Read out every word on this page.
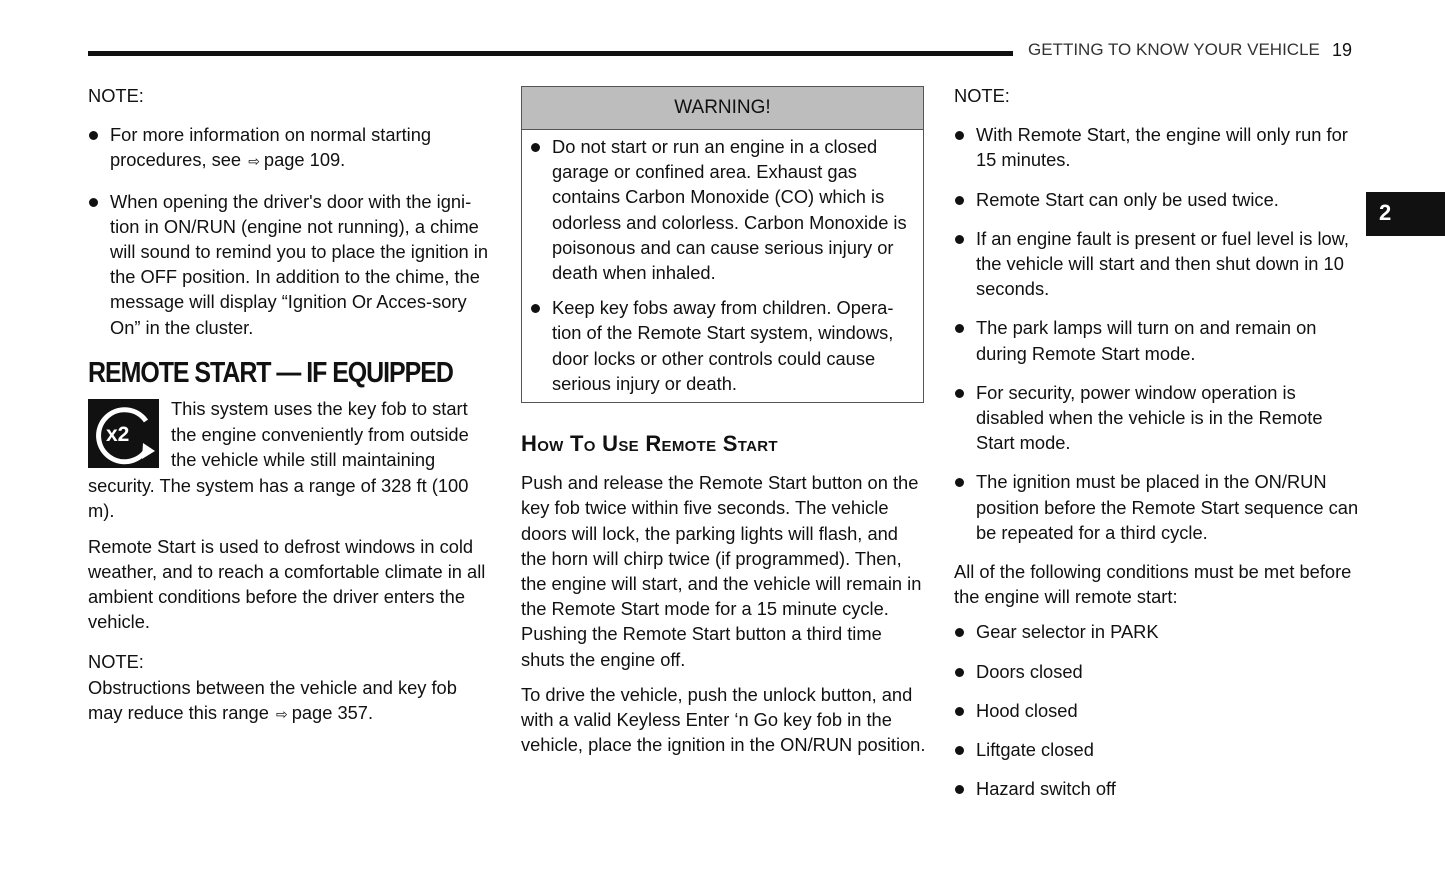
GETTING TO KNOW YOUR VEHICLE 19
2

NOTE:

For more information on normal starting procedures, see ⇨ page 109.
When opening the driver's door with the igni-tion in ON/RUN (engine not running), a chime will sound to remind you to place the ignition in the OFF position. In addition to the chime, the message will display “Ignition Or Acces-sory On” in the cluster.
REMOTE START — IF EQUIPPED
x2

This system uses the key fob to start the engine conveniently from outside the vehicle while still maintaining security. The system has a range of 328 ft (100 m).

Remote Start is used to defrost windows in cold weather, and to reach a comfortable climate in all ambient conditions before the driver enters the vehicle.

NOTE:

Obstructions between the vehicle and key fob may reduce this range ⇨ page 357.

WARNING!
Do not start or run an engine in a closed garage or confined area. Exhaust gas contains Carbon Monoxide (CO) which is odorless and colorless. Carbon Monoxide is poisonous and can cause serious injury or death when inhaled.
Keep key fobs away from children. Opera-tion of the Remote Start system, windows, door locks or other controls could cause serious injury or death.
How To Use Remote Start

Push and release the Remote Start button on the key fob twice within five seconds. The vehicle doors will lock, the parking lights will flash, and the horn will chirp twice (if programmed). Then, the engine will start, and the vehicle will remain in the Remote Start mode for a 15 minute cycle. Pushing the Remote Start button a third time shuts the engine off.

To drive the vehicle, push the unlock button, and with a valid Keyless Enter ‘n Go key fob in the vehicle, place the ignition in the ON/RUN position.

NOTE:

With Remote Start, the engine will only run for 15 minutes.
Remote Start can only be used twice.
If an engine fault is present or fuel level is low, the vehicle will start and then shut down in 10 seconds.
The park lamps will turn on and remain on during Remote Start mode.
For security, power window operation is disabled when the vehicle is in the Remote Start mode.
The ignition must be placed in the ON/RUN position before the Remote Start sequence can be repeated for a third cycle.

All of the following conditions must be met before the engine will remote start:

Gear selector in PARK
Doors closed
Hood closed
Liftgate closed
Hazard switch off
